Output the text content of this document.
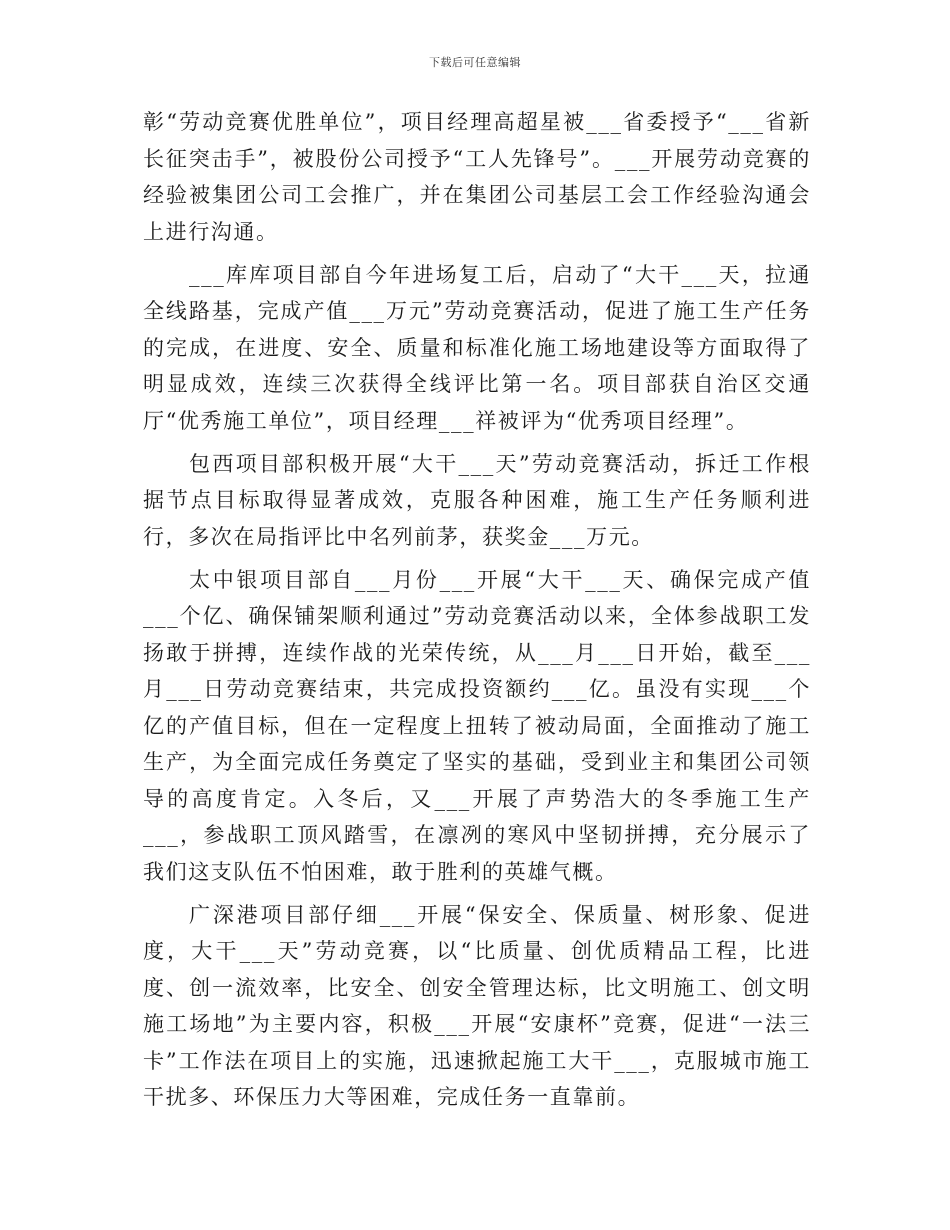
下载后可任意编辑

彰“劳动竞赛优胜单位”，项目经理高超星被___省委授予“___省新长征突击手”，被股份公司授予“工人先锋号”。___开展劳动竞赛的经验被集团公司工会推广，并在集团公司基层工会工作经验沟通会上进行沟通。

___库库项目部自今年进场复工后，启动了“大干___天，拉通全线路基，完成产值___万元”劳动竞赛活动，促进了施工生产任务的完成，在进度、安全、质量和标准化施工场地建设等方面取得了明显成效，连续三次获得全线评比第一名。项目部获自治区交通厅“优秀施工单位”，项目经理___祥被评为“优秀项目经理”。

包西项目部积极开展“大干___天”劳动竞赛活动，拆迁工作根据节点目标取得显著成效，克服各种困难，施工生产任务顺利进行，多次在局指评比中名列前茅，获奖金___万元。

太中银项目部自___月份___开展“大干___天、确保完成产值___个亿、确保铺架顺利通过”劳动竞赛活动以来，全体参战职工发扬敢于拼搏，连续作战的光荣传统，从___月___日开始，截至___月___日劳动竞赛结束，共完成投资额约___亿。虽没有实现___个亿的产值目标，但在一定程度上扭转了被动局面，全面推动了施工生产，为全面完成任务奠定了坚实的基础，受到业主和集团公司领导的高度肯定。入冬后，又___开展了声势浩大的冬季施工生产___，参战职工顶风踏雪，在凛冽的寒风中坚韧拼搏，充分展示了我们这支队伍不怕困难，敢于胜利的英雄气概。

广深港项目部仔细___开展“保安全、保质量、树形象、促进度，大干___天”劳动竞赛，以“比质量、创优质精品工程，比进度、创一流效率，比安全、创安全管理达标，比文明施工、创文明施工场地”为主要内容，积极___开展“安康杯”竞赛，促进“一法三卡”工作法在项目上的实施，迅速掀起施工大干___，克服城市施工干扰多、环保压力大等困难，完成任务一直靠前。
